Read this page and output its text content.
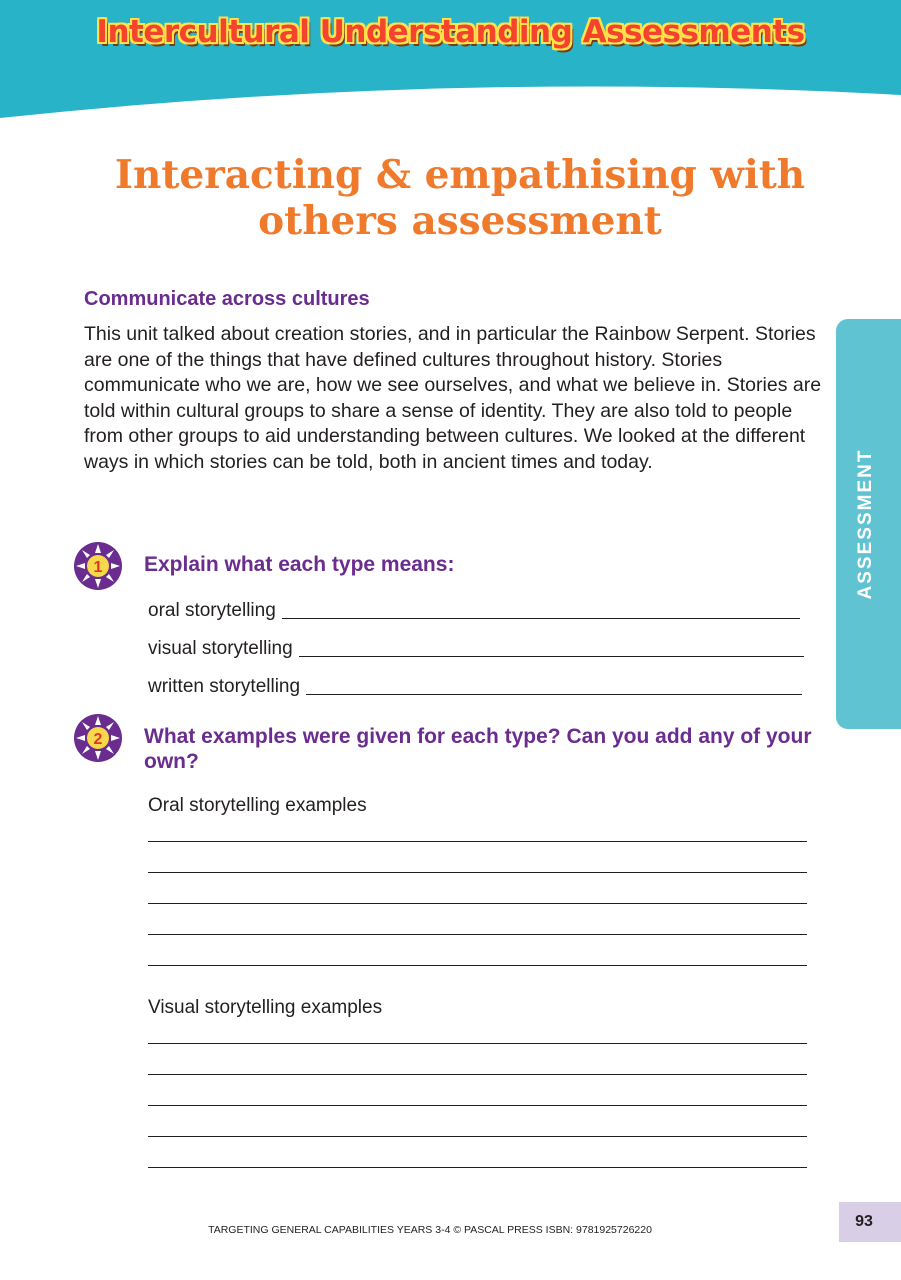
Intercultural Understanding Assessments
Interacting & empathising with
others assessment
Communicate across cultures
This unit talked about creation stories, and in particular the Rainbow Serpent. Stories are one of the things that have defined cultures throughout history. Stories communicate who we are, how we see ourselves, and what we believe in. Stories are told within cultural groups to share a sense of identity. They are also told to people from other groups to aid understanding between cultures. We looked at the different ways in which stories can be told, both in ancient times and today.
1 Explain what each type means:
oral storytelling
visual storytelling
written storytelling
2 What examples were given for each type? Can you add any of your own?
Oral storytelling examples
Visual storytelling examples
ASSESSMENT
TARGETING GENERAL CAPABILITIES YEARS 3-4 © PASCAL PRESS ISBN: 9781925726220	93
